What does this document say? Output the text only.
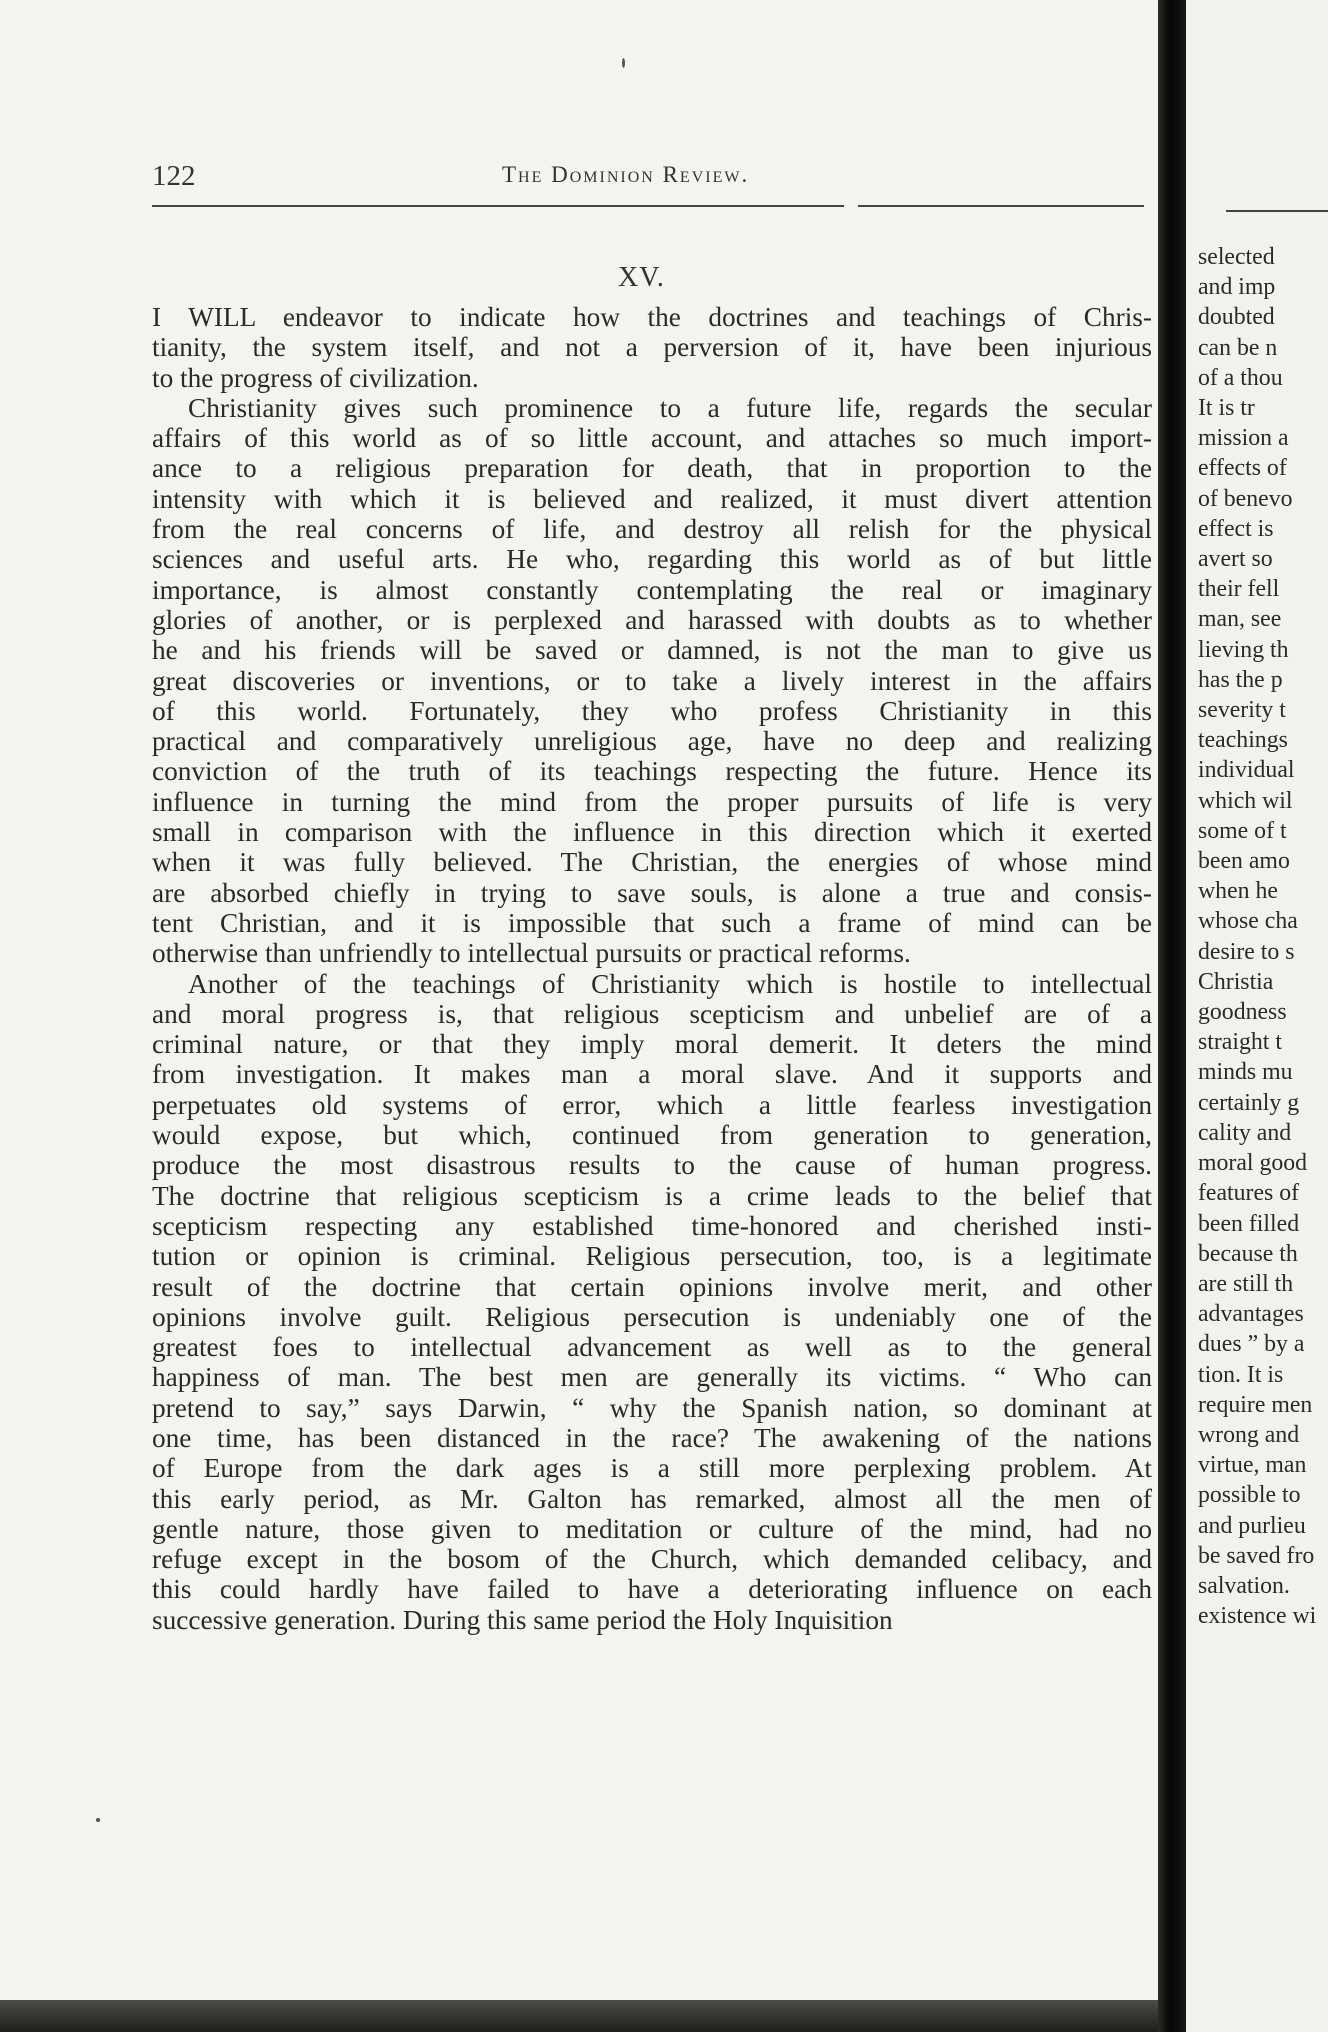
122	The Dominion Review.
XV.
I WILL endeavor to indicate how the doctrines and teachings of Chris-
tianity, the system itself, and not a perversion of it, have been injurious
to the progress of civilization.
Christianity gives such prominence to a future life, regards the secular
affairs of this world as of so little account, and attaches so much import-
ance to a religious preparation for death, that in proportion to the
intensity with which it is believed and realized, it must divert attention
from the real concerns of life, and destroy all relish for the physical
sciences and useful arts. He who, regarding this world as of but little
importance, is almost constantly contemplating the real or imaginary
glories of another, or is perplexed and harassed with doubts as to whether
he and his friends will be saved or damned, is not the man to give us
great discoveries or inventions, or to take a lively interest in the affairs
of this world. Fortunately, they who profess Christianity in this
practical and comparatively unreligious age, have no deep and realizing
conviction of the truth of its teachings respecting the future. Hence its
influence in turning the mind from the proper pursuits of life is very
small in comparison with the influence in this direction which it exerted
when it was fully believed. The Christian, the energies of whose mind
are absorbed chiefly in trying to save souls, is alone a true and consis-
tent Christian, and it is impossible that such a frame of mind can be
otherwise than unfriendly to intellectual pursuits or practical reforms.
Another of the teachings of Christianity which is hostile to intellectual
and moral progress is, that religious scepticism and unbelief are of a
criminal nature, or that they imply moral demerit. It deters the mind
from investigation. It makes man a moral slave. And it supports and
perpetuates old systems of error, which a little fearless investigation
would expose, but which, continued from generation to generation,
produce the most disastrous results to the cause of human progress.
The doctrine that religious scepticism is a crime leads to the belief that
scepticism respecting any established time-honored and cherished insti-
tution or opinion is criminal. Religious persecution, too, is a legitimate
result of the doctrine that certain opinions involve merit, and other
opinions involve guilt. Religious persecution is undeniably one of the
greatest foes to intellectual advancement as well as to the general
happiness of man. The best men are generally its victims. “ Who can
pretend to say,” says Darwin, “ why the Spanish nation, so dominant at
one time, has been distanced in the race? The awakening of the nations
of Europe from the dark ages is a still more perplexing problem. At
this early period, as Mr. Galton has remarked, almost all the men of
gentle nature, those given to meditation or culture of the mind, had no
refuge except in the bosom of the Church, which demanded celibacy, and
this could hardly have failed to have a deteriorating influence on each
successive generation. During this same period the Holy Inquisition
selected
and imp
doubted
can be n
of a thou
It is tr
mission a
effects of
of benevo
effect is
avert so
their fell
man, see
lieving th
has the p
severity t
teachings
individual
which wil
some of t
been amo
when he
whose cha
desire to s
Christia
goodness
straight t
minds mu
certainly g
cality and
moral good
features of
been filled
because th
are still th
advantages
dues ” by a
tion. It is
require men
wrong and
virtue, man
possible to
and purlieu
be saved fro
salvation.
existence wi
